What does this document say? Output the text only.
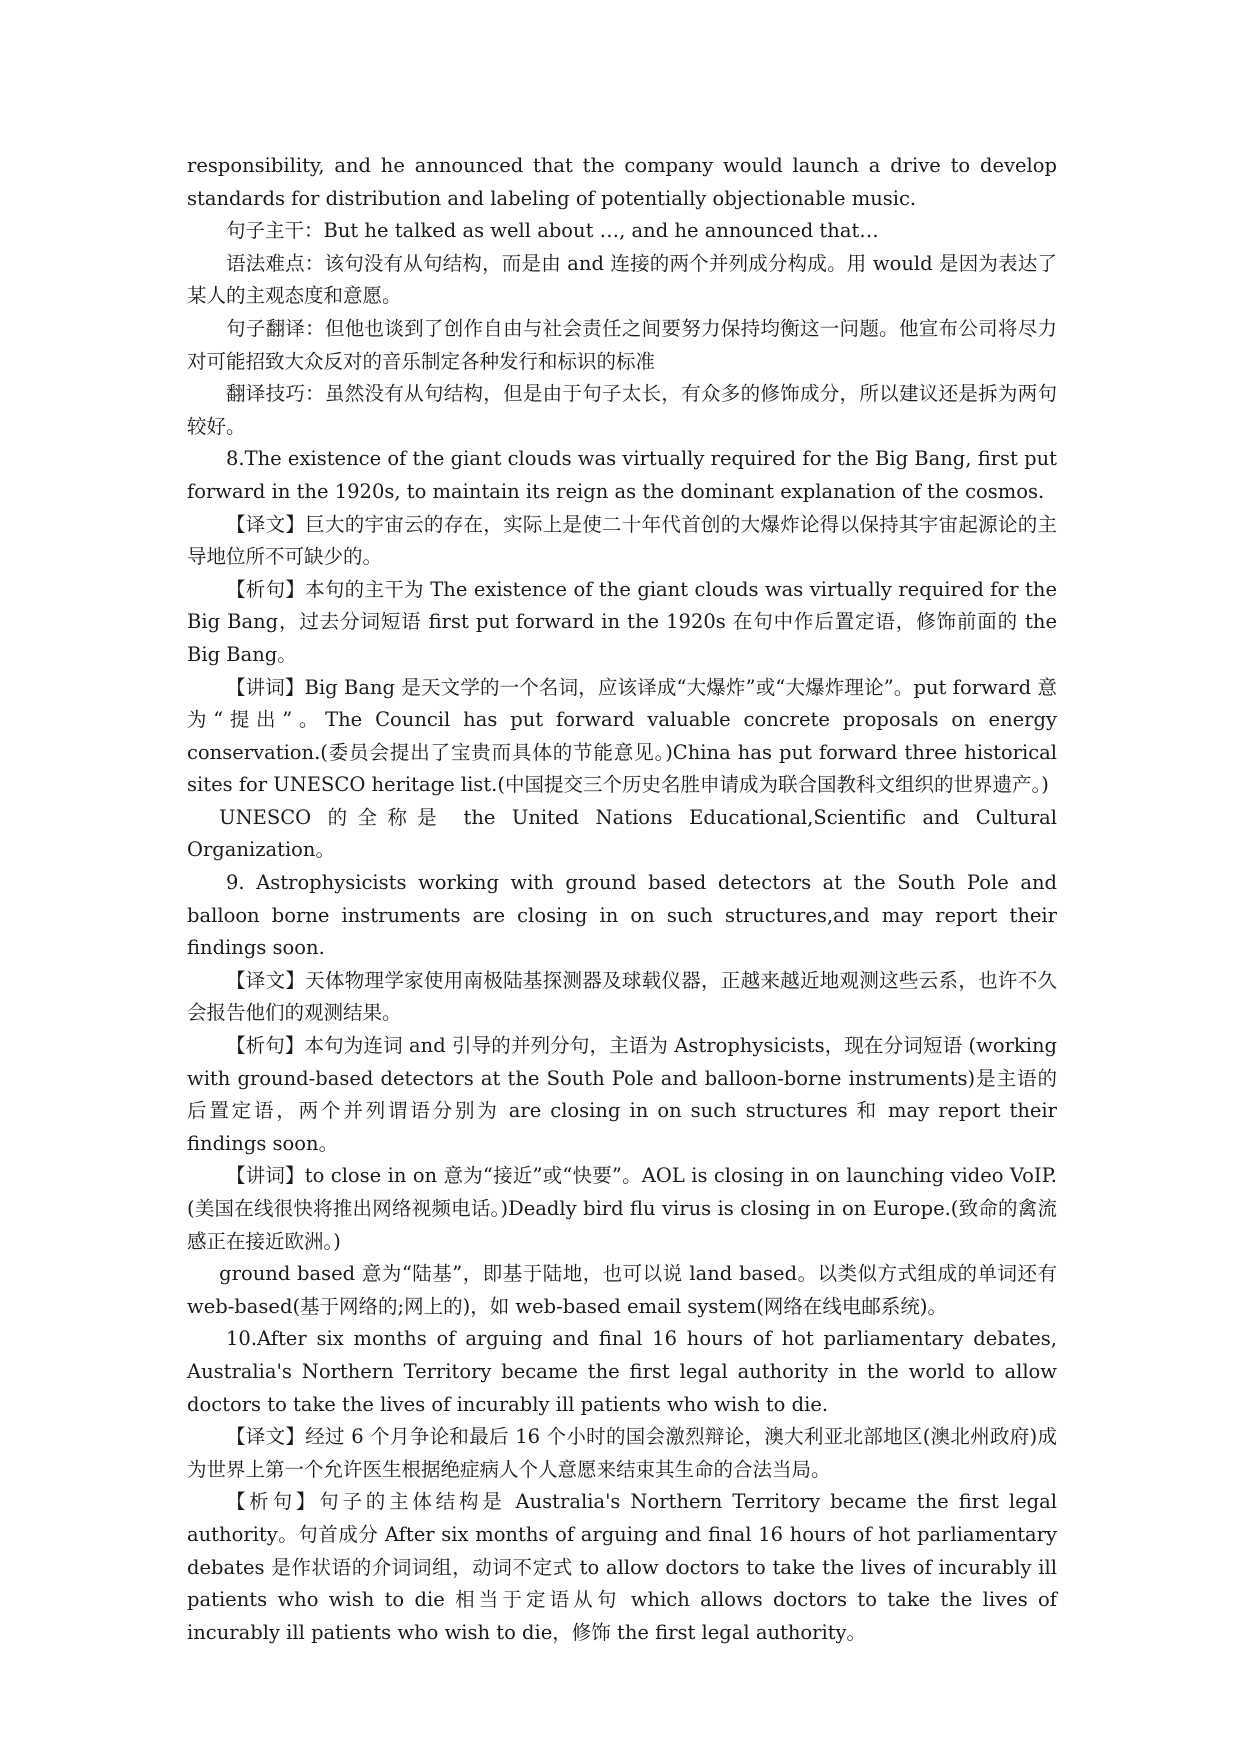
responsibility, and he announced that the company would launch a drive to develop standards for distribution and labeling of potentially objectionable music.

句子主干：But he talked as well about …, and he announced that…

语法难点：该句没有从句结构，而是由 and 连接的两个并列成分构成。用 would 是因为表达了某人的主观态度和意愿。

句子翻译：但他也谈到了创作自由与社会责任之间要努力保持均衡这一问题。他宣布公司将尽力对可能招致大众反对的音乐制定各种发行和标识的标准

翻译技巧：虽然没有从句结构，但是由于句子太长，有众多的修饰成分，所以建议还是拆为两句较好。

8.The existence of the giant clouds was virtually required for the Big Bang, first put forward in the 1920s, to maintain its reign as the dominant explanation of the cosmos.

【译文】巨大的宇宙云的存在，实际上是使二十年代首创的大爆炸论得以保持其宇宙起源论的主导地位所不可缺少的。

【析句】本句的主干为 The existence of the giant clouds was virtually required for the Big Bang，过去分词短语 first put forward in the 1920s 在句中作后置定语，修饰前面的 the Big Bang。

【讲词】Big Bang 是天文学的一个名词，应该译成“大爆炸”或“大爆炸理论”。put forward 意为“提出”。The Council has put forward valuable concrete proposals on energy conservation.(委员会提出了宝贵而具体的节能意见。)China has put forward three historical sites for UNESCO heritage list.(中国提交三个历史名胜申请成为联合国教科文组织的世界遗产。)

UNESCO 的全称是 the United Nations Educational,Scientific and Cultural Organization。

9. Astrophysicists working with ground based detectors at the South Pole and balloon borne instruments are closing in on such structures,and may report their findings soon.

【译文】天体物理学家使用南极陆基探测器及球载仪器，正越来越近地观测这些云系，也许不久会报告他们的观测结果。

【析句】本句为连词 and 引导的并列分句，主语为 Astrophysicists，现在分词短语 (working with ground-based detectors at the South Pole and balloon-borne instruments)是主语的后置定语，两个并列谓语分别为 are closing in on such structures 和 may report their findings soon。

【讲词】to close in on 意为“接近”或“快要”。AOL is closing in on launching video VoIP.(美国在线很快将推出网络视频电话。)Deadly bird flu virus is closing in on Europe.(致命的禽流感正在接近欧洲。)

ground based 意为“陆基”，即基于陆地，也可以说 land based。以类似方式组成的单词还有 web-based(基于网络的;网上的)，如 web-based email system(网络在线电邮系统)。

10.After six months of arguing and final 16 hours of hot parliamentary debates, Australia's Northern Territory became the first legal authority in the world to allow doctors to take the lives of incurably ill patients who wish to die.

【译文】经过 6 个月争论和最后 16 个小时的国会激烈辩论，澳大利亚北部地区(澳北州政府)成为世界上第一个允许医生根据绝症病人个人意愿来结束其生命的合法当局。

【析句】句子的主体结构是 Australia's Northern Territory became the first legal authority。句首成分 After six months of arguing and final 16 hours of hot parliamentary debates 是作状语的介词词组，动词不定式 to allow doctors to take the lives of incurably ill patients who wish to die 相当于定语从句 which allows doctors to take the lives of incurably ill patients who wish to die，修饰 the first legal authority。
